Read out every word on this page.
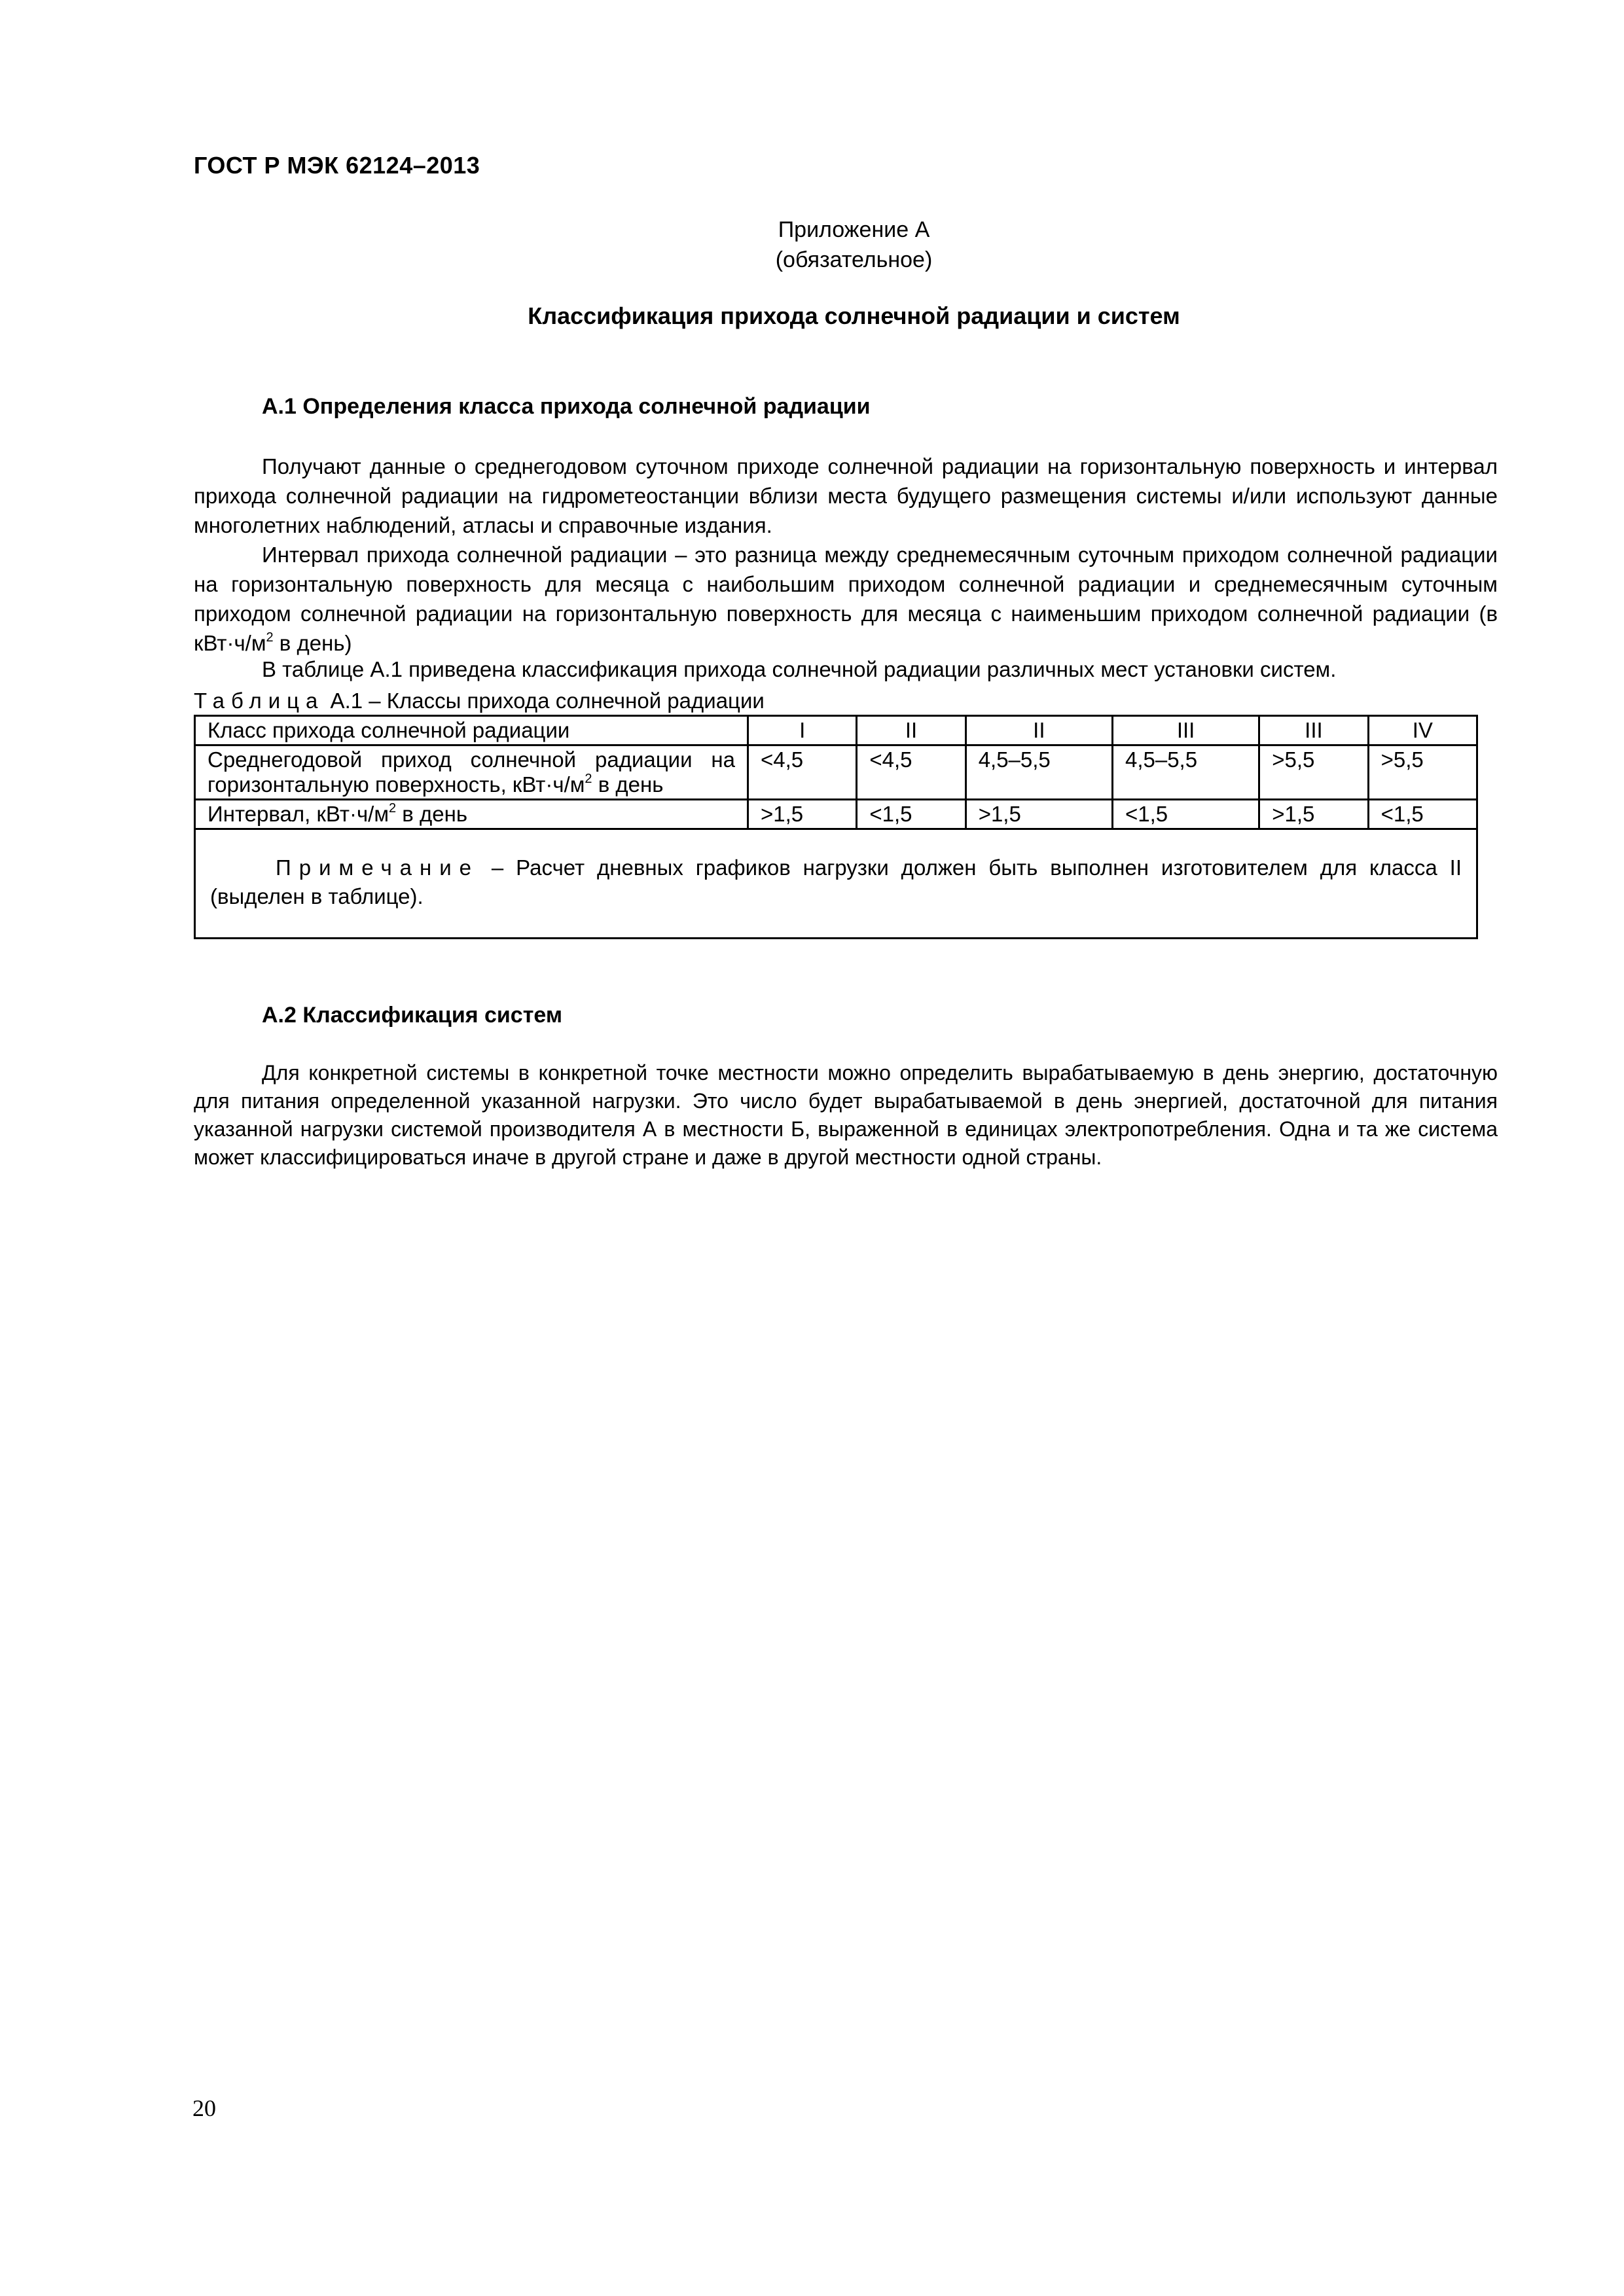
ГОСТ Р МЭК 62124–2013
Приложение А
(обязательное)
Классификация прихода солнечной радиации и систем
А.1 Определения класса прихода солнечной радиации

Получают данные о среднегодовом суточном приходе солнечной радиации на горизонтальную поверхность и интервал прихода солнечной радиации на гидрометеостанции вблизи места будущего размещения системы и/или используют данные многолетних наблюдений, атласы и справочные издания.

Интервал прихода солнечной радиации – это разница между среднемесячным суточным приходом солнечной радиации на горизонтальную поверхность для месяца с наибольшим приходом солнечной радиации и среднемесячным суточным приходом солнечной радиации на горизонтальную поверхность для месяца с наименьшим приходом солнечной радиации (в $кВт\cdot ч/м^2$ в день)

В таблице А.1 приведена классификация прихода солнечной радиации различных мест установки систем.

Таблица А.1 – Классы прихода солнечной радиации
Класс прихода солнечной радиации	I	II	II	III	III	IV
Среднегодовой приход солнечной радиации на горизонтальную поверхность, $кВт\cdot ч/м^2$ в день	<4,5	<4,5	4,5–5,5	4,5–5,5	>5,5	>5,5
Интервал, $кВт\cdot ч/м^2$ в день	>1,5	<1,5	>1,5	<1,5	>1,5	<1,5
Примечание – Расчет дневных графиков нагрузки должен быть выполнен изготовителем для класса II (выделен в таблице).						
А.2 Классификация систем

Для конкретной системы в конкретной точке местности можно определить вырабатываемую в день энергию, достаточную для питания определенной указанной нагрузки. Это число будет вырабатываемой в день энергией, достаточной для питания указанной нагрузки системой производителя А в местности Б, выраженной в единицах электропотребления. Одна и та же система может классифицироваться иначе в другой стране и даже в другой местности одной страны.

20
